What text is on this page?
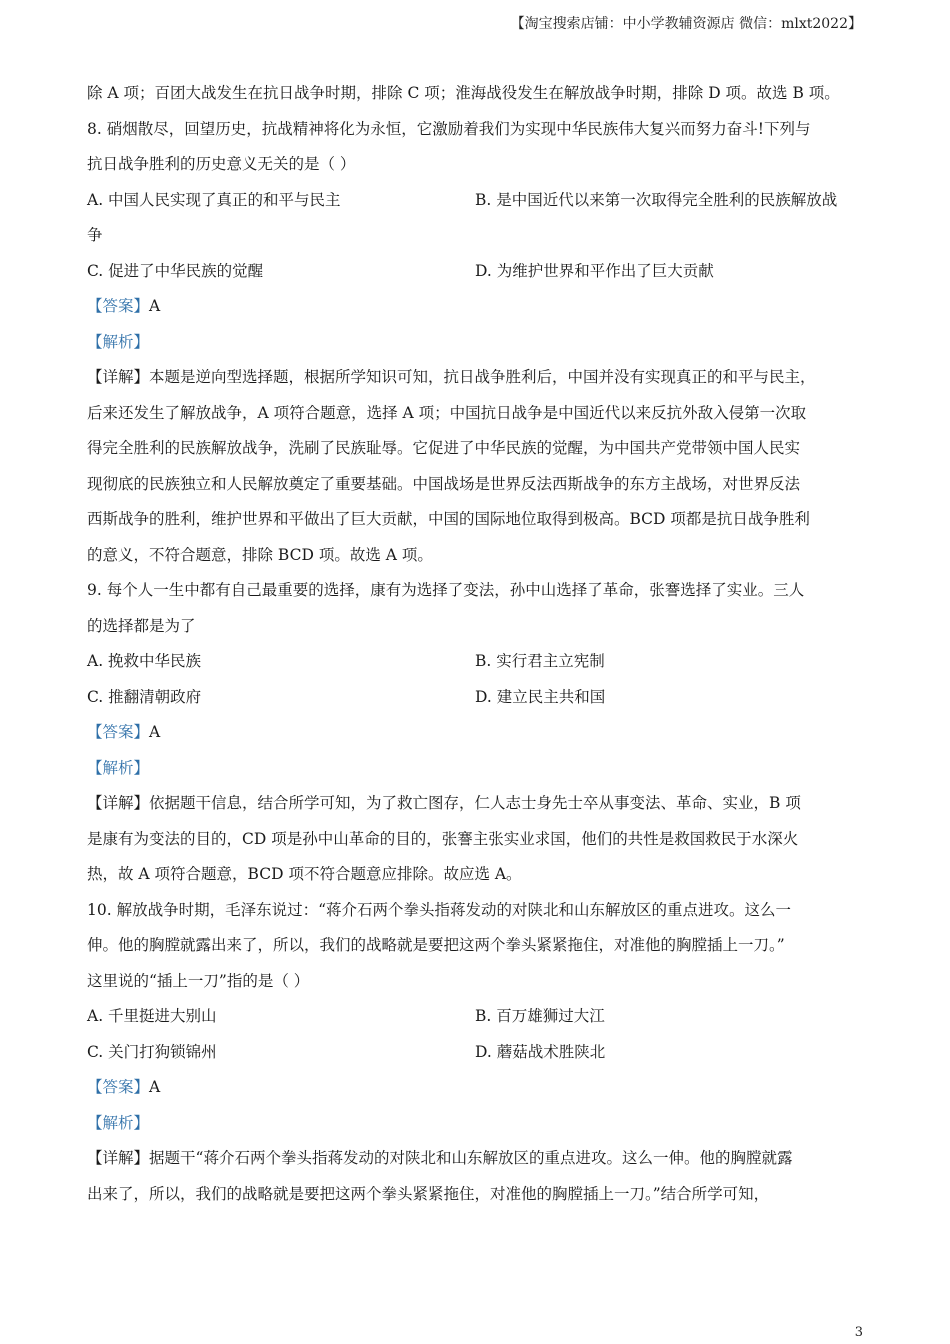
【淘宝搜索店铺：中小学教辅资源店 微信：mlxt2022】
除 A 项；百团大战发生在抗日战争时期，排除 C 项；淮海战役发生在解放战争时期，排除 D 项。故选 B 项。
8. 硝烟散尽，回望历史，抗战精神将化为永恒，它激励着我们为实现中华民族伟大复兴而努力奋斗!下列与
抗日战争胜利的历史意义无关的是（ ）
A. 中国人民实现了真正的和平与民主	B. 是中国近代以来第一次取得完全胜利的民族解放战
争
C. 促进了中华民族的觉醒	D. 为维护世界和平作出了巨大贡献
【答案】A
【解析】
【详解】本题是逆向型选择题，根据所学知识可知，抗日战争胜利后，中国并没有实现真正的和平与民主，
后来还发生了解放战争，A 项符合题意，选择 A 项；中国抗日战争是中国近代以来反抗外敌入侵第一次取
得完全胜利的民族解放战争，洗刷了民族耻辱。它促进了中华民族的觉醒，为中国共产党带领中国人民实
现彻底的民族独立和人民解放奠定了重要基础。中国战场是世界反法西斯战争的东方主战场，对世界反法
西斯战争的胜利，维护世界和平做出了巨大贡献，中国的国际地位取得到极高。BCD 项都是抗日战争胜利
的意义，不符合题意，排除 BCD 项。故选 A 项。
9. 每个人一生中都有自己最重要的选择，康有为选择了变法，孙中山选择了革命，张謇选择了实业。三人
的选择都是为了
A. 挽救中华民族	B. 实行君主立宪制
C. 推翻清朝政府	D. 建立民主共和国
【答案】A
【解析】
【详解】依据题干信息，结合所学可知，为了救亡图存，仁人志士身先士卒从事变法、革命、实业，B 项
是康有为变法的目的，CD 项是孙中山革命的目的，张謇主张实业求国，他们的共性是救国救民于水深火
热，故 A 项符合题意，BCD 项不符合题意应排除。故应选 A。
10. 解放战争时期，毛泽东说过：“蒋介石两个拳头指蒋发动的对陕北和山东解放区的重点进攻。这么一
伸。他的胸膛就露出来了，所以，我们的战略就是要把这两个拳头紧紧拖住，对准他的胸膛插上一刀。”
这里说的“插上一刀”指的是（ ）
A. 千里挺进大别山	B. 百万雄狮过大江
C. 关门打狗锁锦州	D. 蘑菇战术胜陕北
【答案】A
【解析】
【详解】据题干“蒋介石两个拳头指蒋发动的对陕北和山东解放区的重点进攻。这么一伸。他的胸膛就露
出来了，所以，我们的战略就是要把这两个拳头紧紧拖住，对准他的胸膛插上一刀。”结合所学可知，
3
